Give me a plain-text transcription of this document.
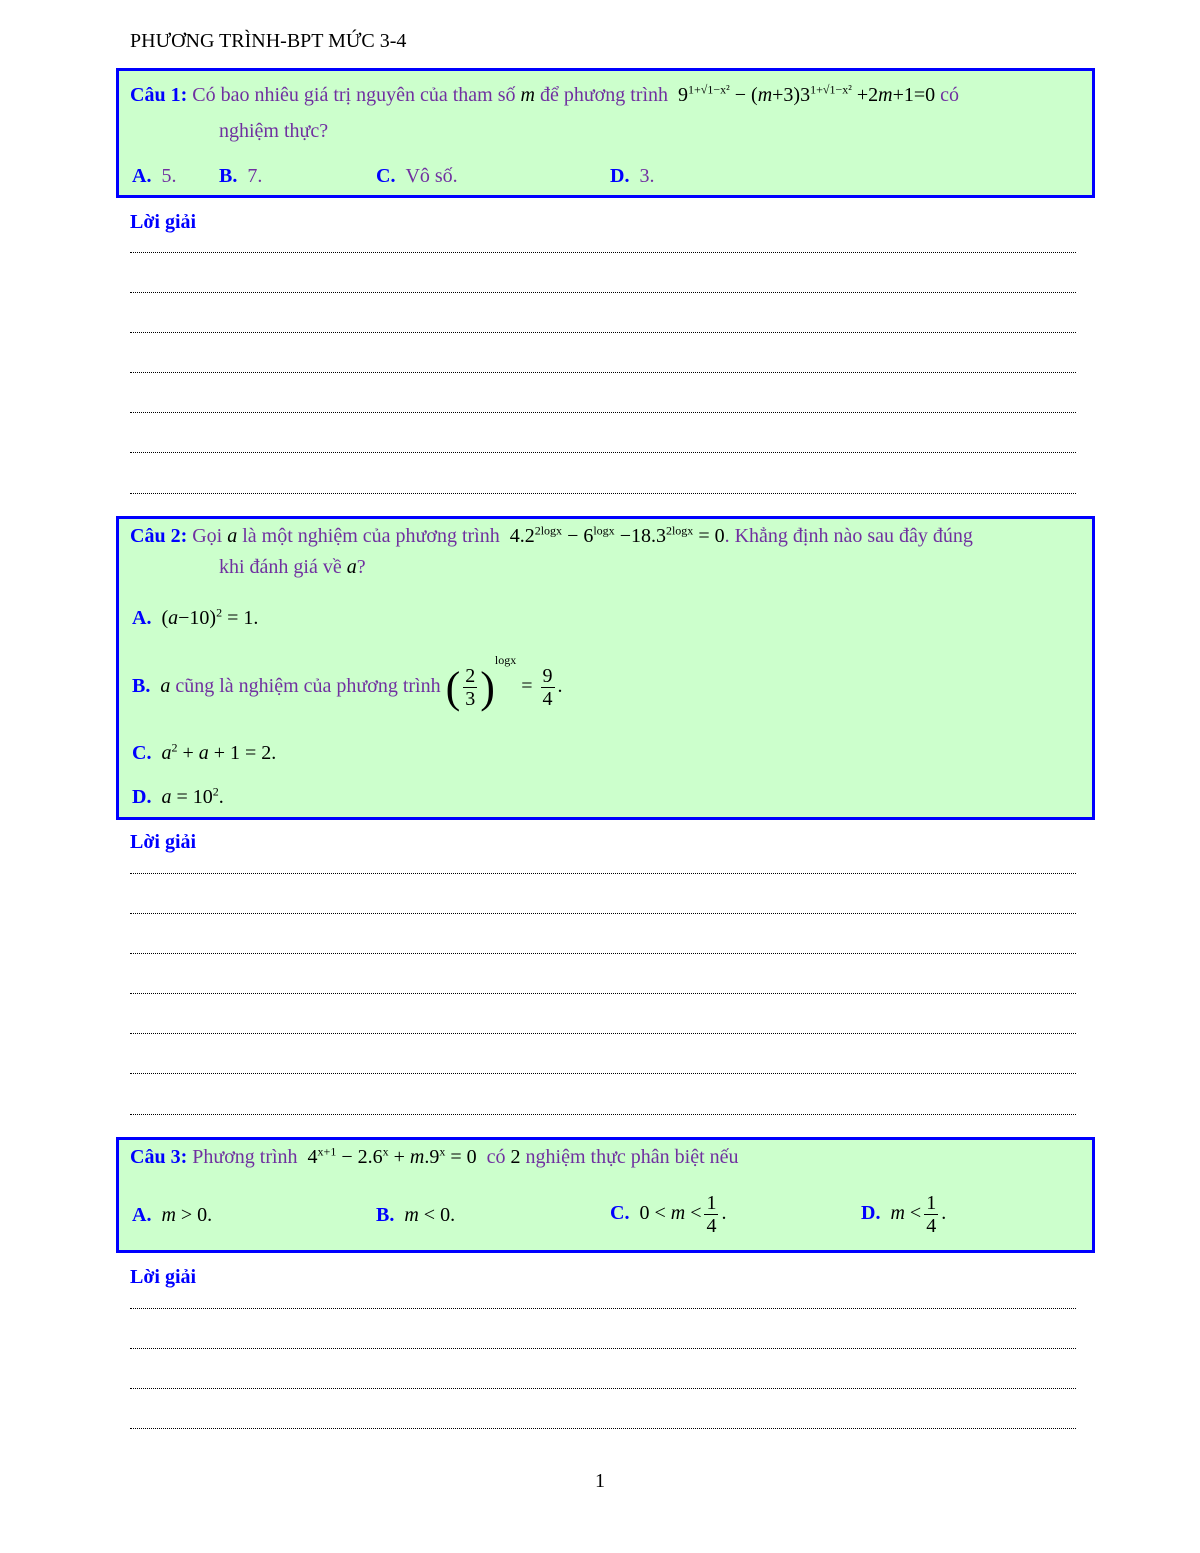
PHƯƠNG TRÌNH-BPT MỨC 3-4
Câu 1: Có bao nhiêu giá trị nguyên của tham số m để phương trình  $9^{1+√1-x^2} - (m+3)3^{1+√1-x^2} +2m+1=0$ có
nghiệm thực?
A. 5. B. 7.	C. Vô số.	D. 3.
Lời giải
Câu 2: Gọi a là một nghiệm của phương trình  $4.2^{2logx} - 6^{logx} -18.3^{2logx} = 0$. Khẳng định nào sau đây đúng
khi đánh giá về a?
A. $(a-10)^2 = 1$.
B. a cũng là nghiệm của phương trình ( $\frac{2}{3} )^{logx} = \frac{9}{4}$ .
C. $a^2 + a + 1 = 2$.
D. $a = 10^2$.
Lời giải
Câu 3: Phương trình  $4^{x+1} - 2.6^x + m.9^x = 0$  có 2 nghiệm thực phân biệt nếu
A. m > 0.	B. m < 0.	C. $0 < m < \frac{1}{4}$ .	D. $m < \frac{1}{4}$ .
Lời giải
1
